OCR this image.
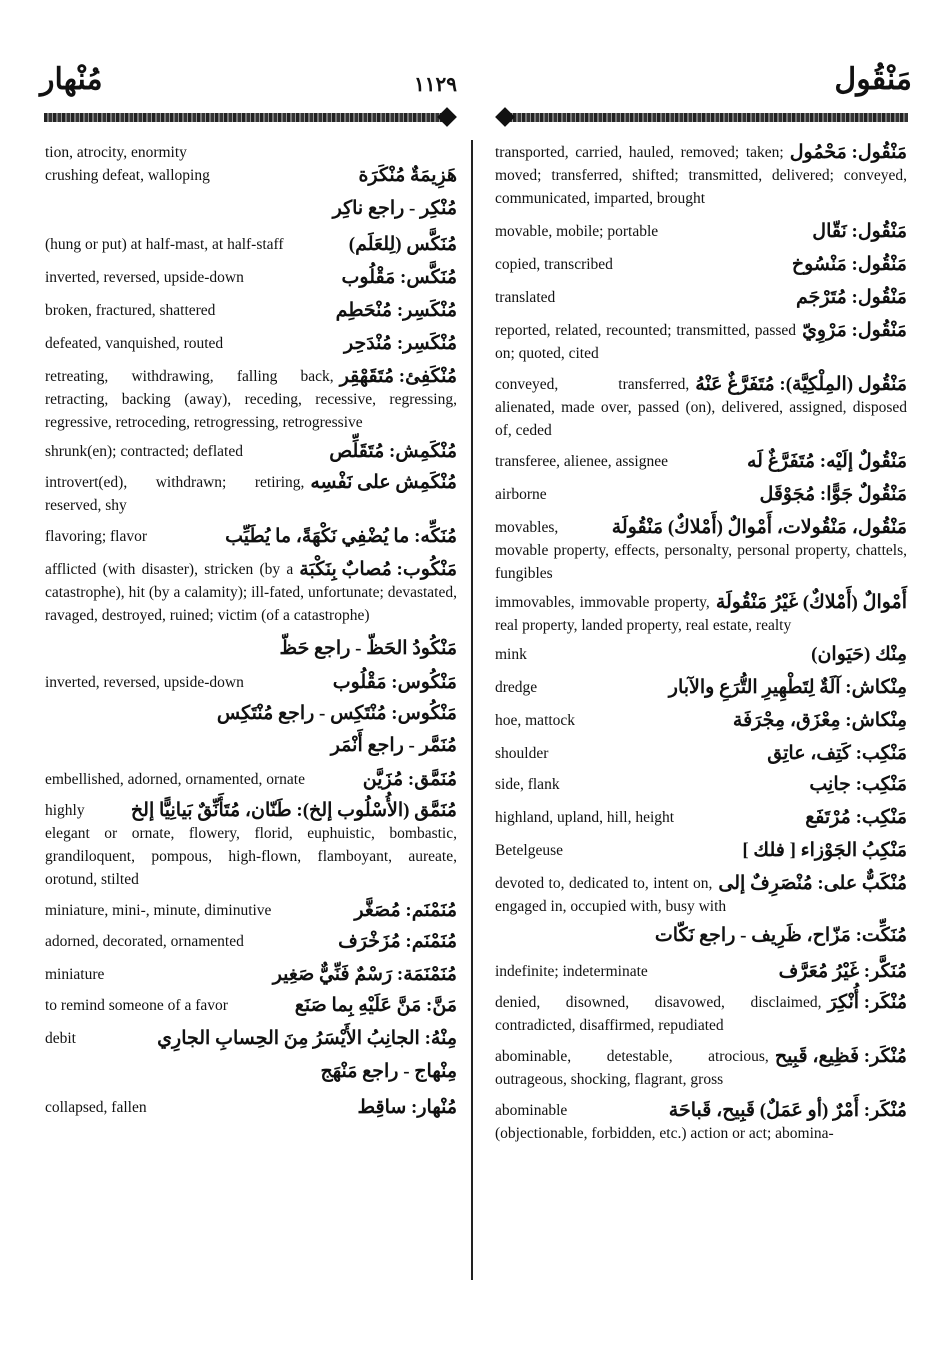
مَنْقُول
١١٢٩
مُنْهار
tion, atrocity, enormity
هَزِيمَةٌ مُنْكَرَة
crushing defeat, walloping
مُنْكِر - راجع ناكِر
مُنَكَّس (لِلعَلَم)
(hung or put) at half-mast, at half-staff
مُنَكَّس: مَقْلُوب
inverted, reversed, upside-down
مُنْكَسِر: مُنْحَطِم
broken, fractured, shattered
مُنْكَسِر: مُنْدَحِر
defeated, vanquished, routed
مُنْكَفِئ: مُتَقَهْقِر
retreating, withdrawing, falling back, retracting, backing (away), receding, recessive, regressing, regressive, retroceding, retrogressing, retrogressive
مُنْكَمِش: مُتَقَلِّص
shrunk(en); contracted; deflated
مُنْكَمِش على نَفْسِه
introvert(ed), withdrawn; retiring, reserved, shy
مُنَكِّه: ما يُضْفِي نَكْهَةً، ما يُطَيِّب
flavoring; flavor
مَنْكُوب: مُصابٌ بِنَكْبَة
afflicted (with disaster), stricken (by a catastrophe), hit (by a calamity); ill-fated, unfortunate; devastated, ravaged, destroyed, ruined; victim (of a catastrophe)
مَنْكُودُ الحَظّ - راجع حَظّ
مَنْكُوس: مَقْلُوب
inverted, reversed, upside-down
مَنْكُوس: مُنْتَكِس - راجع مُنْتَكِس
مُنَمَّر - راجع أَنْمَر
مُنَمَّق: مُزَيَّن
embellished, adorned, ornamented, ornate
مُنَمَّق (الأُسْلُوب إلخ): طَنّان، مُتَأَنِّقٌ بَيانِيًّا إلخ
highly elegant or ornate, flowery, florid, euphuistic, bombastic, grandiloquent, pompous, high-flown, flamboyant, aureate, orotund, stilted
مُنَمْنَم: مُصَغَّر
miniature, mini-, minute, diminutive
مُنَمْنَم: مُزَخْرَف
adorned, decorated, ornamented
مُنَمْنَمَة: رَسْمٌ فَنِّيٌّ صَغِير
miniature
مَنَّ: مَنَّ عَلَيْهِ بِما صَنَع
to remind someone of a favor
مِنْهُ: الجانِبُ الأَيْسَرُ مِنَ الحِسابِ الجارِي
debit
مِنْهاج - راجع مَنْهَج
مُنْهار: ساقِط
collapsed, fallen
مَنْقُول: مَحْمُول
transported, carried, hauled, removed; taken; moved; transferred, shifted; transmitted, delivered; conveyed, communicated, imparted, brought
مَنْقُول: نَقّال
movable, mobile; portable
مَنْقُول: مَنْسُوخ
copied, transcribed
مَنْقُول: مُتَرْجَم
translated
مَنْقُول: مَرْوِيّ
reported, related, recounted; transmitted, passed on; quoted, cited
مَنْقُول (المِلْكِيَّة): مُتَفَرَّغٌ عَنْهُ
conveyed, transferred, alienated, made over, passed (on), delivered, assigned, disposed of, ceded
مَنْقُولٌ إلَيْه: مُتَفَرَّغٌ لَه
transferee, alienee, assignee
مَنْقُولٌ جَوًّا: مُجَوْقَل
airborne
مَنْقُول، مَنْقُولات، أَمْوالٌ (أَمْلاكٌ) مَنْقُولَة
movables, movable property, effects, personalty, personal property, chattels, fungibles
أَمْوالٌ (أَمْلاكٌ) غَيْرُ مَنْقُولَة
immovables, immovable property, real property, landed property, real estate, realty
مِنْك (حَيَوان)
mink
مِنْكاش: آلَةٌ لِتَطْهِيرِ التُّرَعِ والآبار
dredge
مِنْكاش: مِعْزَق، مِجْرَفَة
hoe, mattock
مَنْكِب: كَتِف، عاتِق
shoulder
مَنْكِب: جانِب
side, flank
مَنْكِب: مُرْتَفَع
highland, upland, hill, height
مَنْكِبُ الجَوْزاء [ فلك ]
Betelgeuse
مُنْكَبٌّ على: مُنْصَرِفٌ إلى
devoted to, dedicated to, intent on, engaged in, occupied with, busy with
مُنَكِّت: مَزّاح، ظَرِيف - راجع نَكّات
مُنَكَّر: غَيْرُ مُعَرَّف
indefinite; indeterminate
مُنْكَر: أُنْكِرَ
denied, disowned, disavowed, disclaimed, contradicted, disaffirmed, repudiated
مُنْكَر: فَظِيع، قَبِيح
abominable, detestable, atrocious, outrageous, shocking, flagrant, gross
مُنْكَر: أَمْرٌ (أو عَمَلٌ) قَبِيح، قَباحَة
abominable (objectionable, forbidden, etc.) action or act; abomina-
